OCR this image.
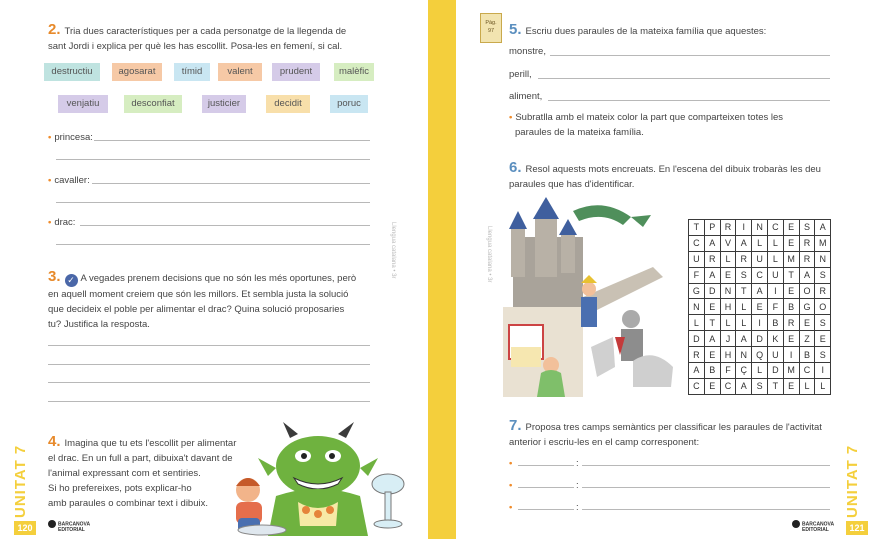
2. Tria dues característiques per a cada personatge de la llegenda de
sant Jordi i explica per què les has escollit. Posa-les en femení, si cal.
destructiu	agosarat	tímid	valent	prudent	malèfic
venjatiu	desconfiat	justicier	decidit	poruc
• princesa:
• cavaller:
• drac:
3. ✓ A vegades prenem decisions que no són les més oportunes, però
en aquell moment creiem que són les millors. Et sembla justa la solució
que decideix el poble per alimentar el drac? Quina solució proposaries
tu? Justifica la resposta.
4. Imagina que tu ets l'escollit per alimentar
el drac. En un full a part, dibuixa't davant de
l'animal expressant com et sentiries.
Si ho prefereixes, pots explicar-ho
amb paraules o combinar text i dibuix.
UNITAT 7
120	BARCANOVA
EDITORIAL
Llengua catalana • 3r
Pàg.
97 5. Escriu dues paraules de la mateixa família que aquestes:
monstre,
perill,
aliment,
• Subratlla amb el mateix color la part que comparteixen totes les
paraules de la mateixa família.
6. Resol aquests mots encreuats. En l'escena del dibuix trobaràs les deu
paraules que has d'identificar.
T	P	R	I	N	C	E	S	A
C	A	V	A	L	L	E	R	M
U	R	L	R	U	L	M	R	N
F	A	E	S	C	U	T	A	S
G	D	N	T	A	I	E	O	R
N	E	H	L	E	F	B	G	O
L	T	L	L	I	B	R	E	S
D	A	J	A	D	K	E	Z	E
R	E	H	N	Q	U	I	B	S
A	B	F	Ç	L	D	M	C	I
C	E	C	A	S	T	E	L	L
7. Proposa tres camps semàntics per classificar les paraules de l'activitat
anterior i escriu-les en el camp corresponent:
•	:
•	:
•	:
Llengua catalana • 3r
UNITAT 7
121
BARCANOVA
EDITORIAL
